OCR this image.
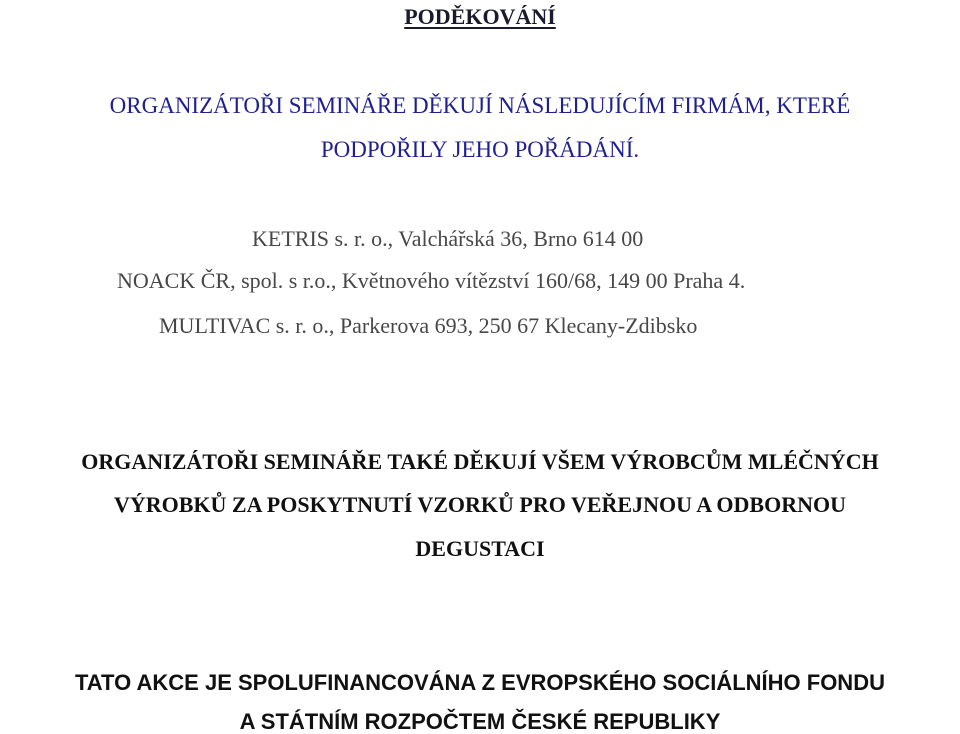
PODĚKOVÁNÍ
ORGANIZÁTOŘI SEMINÁŘE DĚKUJÍ NÁSLEDUJÍCÍM FIRMÁM, KTERÉ
PODPOŘILY JEHO POŘÁDÁNÍ.
KETRIS s. r. o., Valchářská 36, Brno 614 00
NOACK ČR, spol. s r.o., Květnového vítězství 160/68, 149 00 Praha 4.
MULTIVAC s. r. o., Parkerova 693, 250 67 Klecany-Zdibsko
ORGANIZÁTOŘI SEMINÁŘE TAKÉ DĚKUJÍ VŠEM VÝROBCŮM MLÉČNÝCH
VÝROBKŮ ZA POSKYTNUTÍ VZORKŮ PRO VEŘEJNOU A ODBORNOU
DEGUSTACI
TATO AKCE JE SPOLUFINANCOVÁNA Z EVROPSKÉHO SOCIÁLNÍHO FONDU
A STÁTNÍM ROZPOČTEM ČESKÉ REPUBLIKY
